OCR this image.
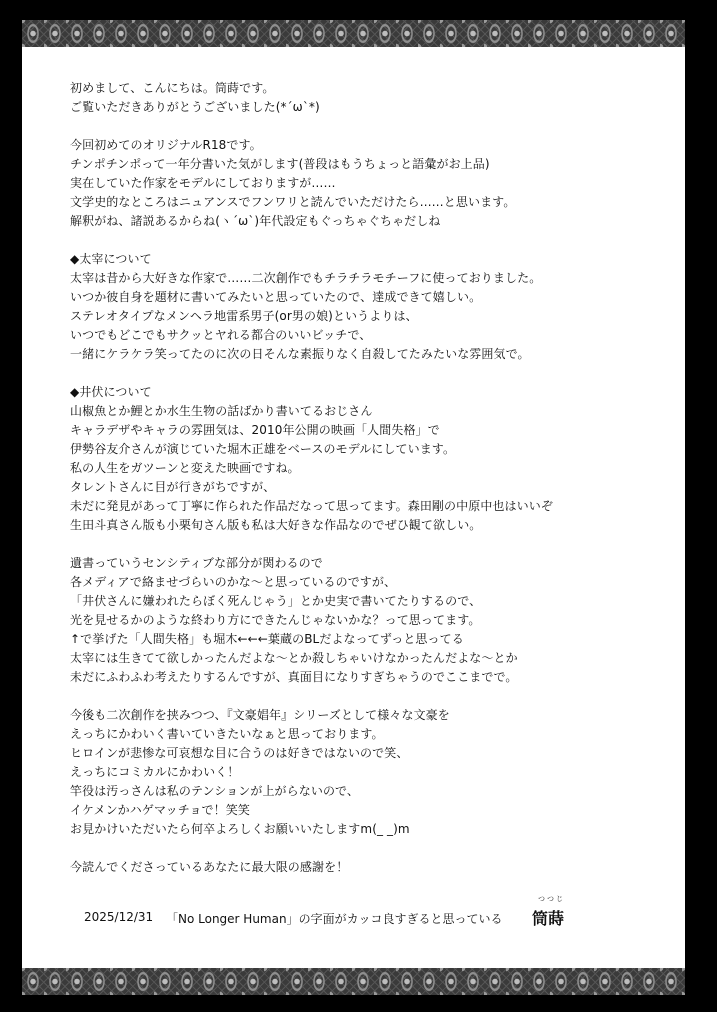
初めまして、こんにちは。筒蒔です。
ご覧いただきありがとうございました(*´ω`*)
今回初めてのオリジナルR18です。
チンポチンポって一年分書いた気がします(普段はもうちょっと語彙がお上品)
実在していた作家をモデルにしておりますが……
文学史的なところはニュアンスでフンワリと読んでいただけたら……と思います。
解釈がね、諸説あるからね(ヽ´ω`)年代設定もぐっちゃぐちゃだしね
◆太宰について
太宰は昔から大好きな作家で……二次創作でもチラチラモチーフに使っておりました。
いつか彼自身を題材に書いてみたいと思っていたので、達成できて嬉しい。
ステレオタイプなメンヘラ地雷系男子(or男の娘)というよりは、
いつでもどこでもサクッとヤれる都合のいいビッチで、
一緒にケラケラ笑ってたのに次の日そんな素振りなく自殺してたみたいな雰囲気で。
◆井伏について
山椒魚とか鯉とか水生生物の話ばかり書いてるおじさん
キャラデザやキャラの雰囲気は、2010年公開の映画「人間失格」で
伊勢谷友介さんが演じていた堀木正雄をベースのモデルにしています。
私の人生をガツーンと変えた映画ですね。
タレントさんに目が行きがちですが、
未だに発見があって丁寧に作られた作品だなって思ってます。森田剛の中原中也はいいぞ
生田斗真さん版も小栗旬さん版も私は大好きな作品なのでぜひ観て欲しい。
遺書っていうセンシティブな部分が関わるので
各メディアで絡ませづらいのかな～と思っているのですが、
「井伏さんに嫌われたらぼく死んじゃう」とか史実で書いてたりするので、
光を見せるかのような終わり方にできたんじゃないかな？って思ってます。
↑で挙げた「人間失格」も堀木←←←葉蔵のBLだよなってずっと思ってる
太宰には生きてて欲しかったんだよな～とか殺しちゃいけなかったんだよな～とか
未だにふわふわ考えたりするんですが、真面目になりすぎちゃうのでここまでで。
今後も二次創作を挟みつつ、『文豪娼年』シリーズとして様々な文豪を
えっちにかわいく書いていきたいなぁと思っております。
ヒロインが悲惨な可哀想な目に合うのは好きではないので笑、
えっちにコミカルにかわいく！
竿役は汚っさんは私のテンションが上がらないので、
イケメンかハゲマッチョで！笑笑
お見かけいただいたら何卒よろしくお願いいたしますm(_ _)m
今読んでくださっているあなたに最大限の感謝を！
2025/12/31 「No Longer Human」の字面がカッコ良すぎると思っている
つつじ
筒蒔
